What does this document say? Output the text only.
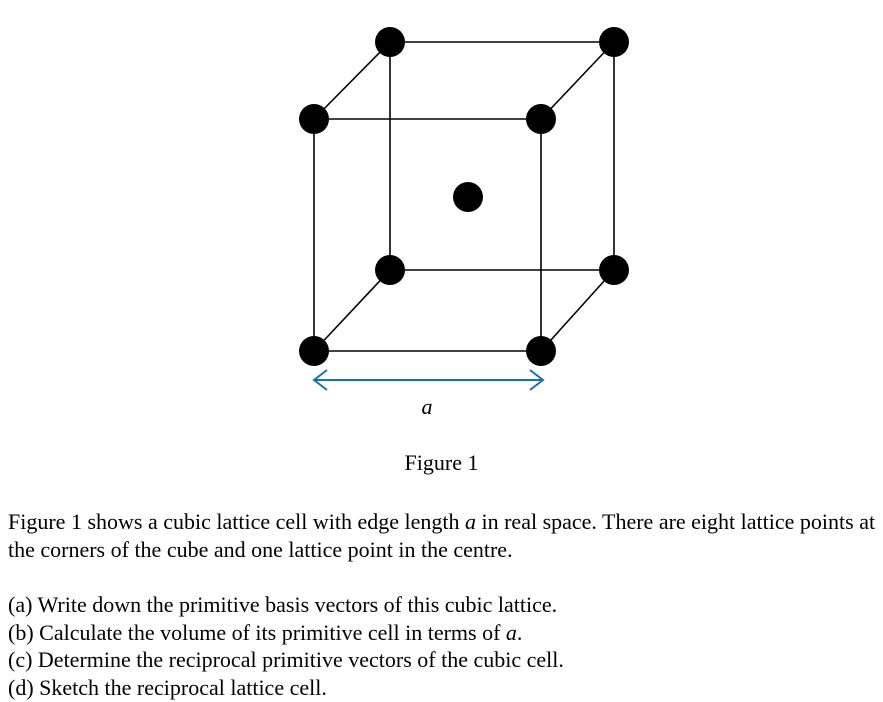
a
Figure 1

Figure 1 shows a cubic lattice cell with edge length a in real space. There are eight lattice points at the corners of the cube and one lattice point in the centre.

(a) Write down the primitive basis vectors of this cubic lattice.
(b) Calculate the volume of its primitive cell in terms of a.
(c) Determine the reciprocal primitive vectors of the cubic cell.
(d) Sketch the reciprocal lattice cell.
